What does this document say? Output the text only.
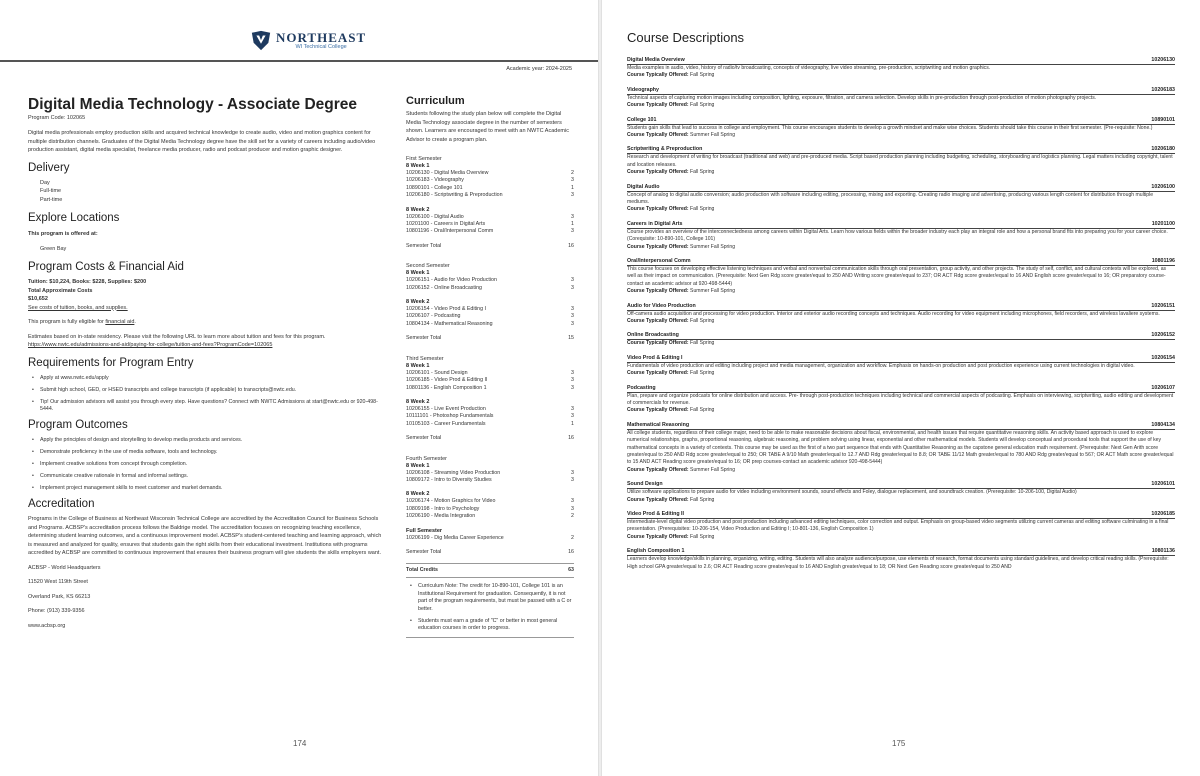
NORTHEAST
WI Technical College
Academic year: 2024-2025
Digital Media Technology - Associate Degree
Program Code: 102065

Digital media professionals employ production skills and acquired technical knowledge to create audio, video and motion graphics content for multiple distribution channels. Graduates of the Digital Media Technology degree have the skill set for a variety of careers including audio/video production assistant, digital media specialist, freelance media producer, radio and podcast producer and motion graphic designer.

Delivery
Day
Full-time
Part-time
Explore Locations
This program is offered at:
Green Bay
Program Costs & Financial Aid
Tuition: $10,224, Books: $228, Supplies: $200
Total Approximate Costs
$10,652
See costs of tuition, books, and supplies.
This program is fully eligible for financial aid.
Estimates based on in-state residency. Please visit the following URL to learn more about tuition and fees for this program.
https://www.nwtc.edu/admissions-and-aid/paying-for-college/tuition-and-fees?ProgramCode=102065
Requirements for Program Entry
• Apply at www.nwtc.edu/apply
• Submit high school, GED, or HSED transcripts and college transcripts (if applicable) to transcripts@nwtc.edu.
• Tip! Our admission advisors will assist you through every step. Have questions? Connect with NWTC Admissions at start@nwtc.edu or 920-498-5444.
Program Outcomes
• Apply the principles of design and storytelling to develop media products and services.
• Demonstrate proficiency in the use of media software, tools and technology.
• Implement creative solutions from concept through completion.
• Communicate creative rationale in formal and informal settings.
• Implement project management skills to meet customer and market demands.
Accreditation

Programs in the College of Business at Northeast Wisconsin Technical College are accredited by the Accreditation Council for Business Schools and Programs. ACBSP's accreditation process follows the Baldrige model. The accreditation focuses on recognizing teaching excellence, determining student learning outcomes, and a continuous improvement model. ACBSP's student-centered teaching and learning approach, which is measured and analyzed for quality, ensures that students gain the right skills from their educational investment. Institutions with programs accredited by ACBSP are committed to continuous improvement that ensures their business program will give students the skills employers want.

ACBSP - World Headquarters
11520 West 119th Street
Overland Park, KS 66213
Phone: (913) 339-9356
www.acbsp.org
Curriculum

Students following the study plan below will complete the Digital Media Technology associate degree in the number of semesters shown. Learners are encouraged to meet with an NWTC Academic Advisor to create a program plan.

First Semester
8 Week 1
10206130 - Digital Media Overview	2
10206183 - Videography	3
10890101 - College 101	1
10206180 - Scriptwriting & Preproduction	3
8 Week 2
10206100 - Digital Audio	3
10201100 - Careers in Digital Arts	1
10801196 - Oral/Interpersonal Comm	3
Semester Total	16
Second Semester
8 Week 1
10206151 - Audio for Video Production	3
10206152 - Online Broadcasting	3
8 Week 2
10206154 - Video Prod & Editing I	3
10206107 - Podcasting	3
10804134 - Mathematical Reasoning	3
Semester Total	15
Third Semester
8 Week 1
10206101 - Sound Design	3
10206185 - Video Prod & Editing II	3
10801136 - English Composition 1	3
8 Week 2
10206155 - Live Event Production	3
10111101 - Photoshop Fundamentals	3
10105103 - Career Fundamentals	1
Semester Total	16
Fourth Semester
8 Week 1
10206108 - Streaming Video Production	3
10809172 - Intro to Diversity Studies	3
8 Week 2
10206174 - Motion Graphics for Video	3
10809198 - Intro to Psychology	3
10206190 - Media Integration	2
Full Semester
10206199 - Dig Media Career Experience	2
Semester Total	16
Total Credits	63
• Curriculum Note: The credit for 10-890-101, College 101 is an Institutional Requirement for graduation. Consequently, it is not part of the program requirements, but must be passed with a C or better.
• Students must earn a grade of "C" or better in most general education courses in order to progress.
174
Course Descriptions
Digital Media Overview	10206130
Media examples in audio, video, history of radio/tv broadcasting, concepts of videography, live video streaming, pre-production, scriptwriting and motion graphics.
Course Typically Offered: Fall Spring
Videography	10206183
Technical aspects of capturing motion images including composition, lighting, exposure, filtration, and camera selection. Develop skills in pre-production through post-production of motion photography projects.
Course Typically Offered: Fall Spring
College 101	10890101
Students gain skills that lead to success in college and employment. This course encourages students to develop a growth mindset and make wise choices. Students should take this course in their first semester. (Pre-requisite: None.)
Course Typically Offered: Summer Fall Spring
Scriptwriting & Preproduction	10206180
Research and development of writing for broadcast (traditional and web) and pre-produced media. Script based production planning including budgeting, scheduling, storyboarding and logistics planning. Legal matters including copyright, talent and location releases.
Course Typically Offered: Fall Spring
Digital Audio	10206100
Concept of analog to digital audio conversion; audio production with software including editing, processing, mixing and exporting. Creating radio imaging and advertising, producing various length content for distribution through multiple mediums.
Course Typically Offered: Fall Spring
Careers in Digital Arts	10201100
Course provides an overview of the interconnectedness among careers within Digital Arts. Learn how various fields within the broader industry each play an integral role and how a personal brand fits into preparing you for your career choice. (Corequisite: 10-890-101, College 101)
Course Typically Offered: Summer Fall Spring
Oral/Interpersonal Comm	10801196
This course focuses on developing effective listening techniques and verbal and nonverbal communication skills through oral presentation, group activity, and other projects. The study of self, conflict, and cultural contexts will be explored, as well as their impact on communication. (Prerequisite: Next Gen Rdg score greater/equal to 250 AND Writing score greater/equal to 237; OR ACT Rdg score greater/equal to 16 AND English score greater/equal to 16; OR preparatory course-contact an academic advisor at 920-498-5444)
Course Typically Offered: Summer Fall Spring
Audio for Video Production	10206151
Off-camera audio acquisition and processing for video production. Interior and exterior audio recording concepts and techniques. Audio recording for video equipment including microphones, field recorders, and wireless lavaliere systems.
Course Typically Offered: Fall Spring
Online Broadcasting	10206152
Course Typically Offered: Fall Spring
Video Prod & Editing I	10206154
Fundamentals of video production and editing including project and media management, organization and workflow. Emphasis on hands-on production and post production experience using current technologies in digital video.
Course Typically Offered: Fall Spring
Podcasting	10206107
Plan, prepare and organize podcasts for online distribution and access. Pre- through post-production techniques including technical and commercial aspects of podcasting. Emphasis on interviewing, scriptwriting, audio editing and development of commercials for revenue.
Course Typically Offered: Fall Spring
Mathematical Reasoning	10804134
All college students, regardless of their college major, need to be able to make reasonable decisions about fiscal, environmental, and health issues that require quantitative reasoning skills. An activity based approach is used to explore numerical relationships, graphs, proportional reasoning, algebraic reasoning, and problem solving using linear, exponential and other mathematical models. Students will develop conceptual and procedural tools that support the use of key mathematical concepts in a variety of contexts. This course may be used as the first of a two part sequence that ends with Quantitative Reasoning as the capstone general education math requirement. (Prerequisite: Next Gen Arith score greater/equal to 250 AND Rdg score greater/equal to 250; OR TABE A 9/10 Math greater/equal to 12.7 AND Rdg greater/equal to 8.8; OR TABE 11/12 Math greater/equal to 780 AND Rdg greater/equal to 567; OR ACT Math score greater/equal to 15 AND ACT Reading score greater/equal to 16; OR prep courses-contact an academic advisor 920-498-5444)
Course Typically Offered: Summer Fall Spring
Sound Design	10206101
Utilize software applications to prepare audio for video including environment sounds, sound effects and Foley, dialogue replacement, and soundtrack creation. (Prerequisite: 10-206-100, Digital Audio)
Course Typically Offered: Fall Spring
Video Prod & Editing II	10206185
Intermediate-level digital video production and post production including advanced editing techniques, color correction and output. Emphasis on group-based video segments utilizing current cameras and editing software culminating in a final presentation. (Prerequisites: 10-206-154, Video Production and Editing I; 10-801-136, English Composition 1)
Course Typically Offered: Fall Spring
English Composition 1	10801136
Learners develop knowledge/skills in planning, organizing, writing, editing. Students will also analyze audience/purpose, use elements of research, format documents using standard guidelines, and develop critical reading skills. (Prerequisite: High school GPA greater/equal to 2.6; OR ACT Reading score greater/equal to 16 AND English greater/equal to 18; OR Next Gen Reading score greater/equal to 250 AND
175
